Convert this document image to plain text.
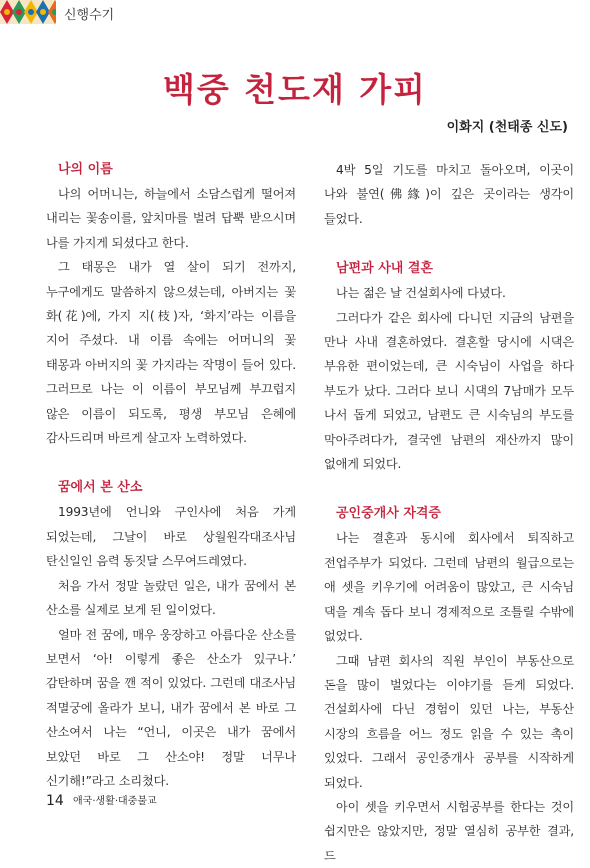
신행수기
백중 천도재 가피
이화지 (천태종 신도)

나의 이름

나의 어머니는, 하늘에서 소담스럽게 떨어져 내리는 꽃송이를, 앞치마를 벌려 답뿍 받으시며 나를 가지게 되셨다고 한다.

그 태몽은 내가 열 살이 되기 전까지, 누구에게도 말씀하지 않으셨는데, 아버지는 꽃 화(花)에, 가지 지(枝)자, ‘화지’라는 이름을 지어 주셨다. 내 이름 속에는 어머니의 꽃 태몽과 아버지의 꽃 가지라는 작명이 들어 있다. 그러므로 나는 이 이름이 부모님께 부끄럽지 않은 이름이 되도록, 평생 부모님 은혜에 감사드리며 바르게 살고자 노력하였다.

꿈에서 본 산소

1993년에 언니와 구인사에 처음 가게 되었는데, 그날이 바로 상월원각대조사님 탄신일인 음력 동짓달 스무여드레였다.

처음 가서 정말 놀랐던 일은, 내가 꿈에서 본 산소를 실제로 보게 된 일이었다.

얼마 전 꿈에, 매우 웅장하고 아름다운 산소를 보면서 ‘아! 이렇게 좋은 산소가 있구나.’ 감탄하며 꿈을 깬 적이 있었다. 그런데 대조사님 적멸궁에 올라가 보니, 내가 꿈에서 본 바로 그 산소여서 나는 “언니, 이곳은 내가 꿈에서 보았던 바로 그 산소야! 정말 너무나 신기해!”라고 소리쳤다.

4박 5일 기도를 마치고 돌아오며, 이곳이 나와 불연(佛緣)이 깊은 곳이라는 생각이 들었다.

남편과 사내 결혼

나는 젊은 날 건설회사에 다녔다.

그러다가 같은 회사에 다니던 지금의 남편을 만나 사내 결혼하였다. 결혼할 당시에 시댁은 부유한 편이었는데, 큰 시숙님이 사업을 하다 부도가 났다. 그러다 보니 시댁의 7남매가 모두 나서 돕게 되었고, 남편도 큰 시숙님의 부도를 막아주려다가, 결국엔 남편의 재산까지 많이 없애게 되었다.

공인중개사 자격증

나는 결혼과 동시에 회사에서 퇴직하고 전업주부가 되었다. 그런데 남편의 월급으로는 애 셋을 키우기에 어려움이 많았고, 큰 시숙님 댁을 계속 돕다 보니 경제적으로 조틀릴 수밖에 없었다.

그때 남편 회사의 직원 부인이 부동산으로 돈을 많이 벌었다는 이야기를 듣게 되었다. 건설회사에 다닌 경험이 있던 나는, 부동산 시장의 흐름을 어느 정도 읽을 수 있는 촉이 있었다. 그래서 공인중개사 공부를 시작하게 되었다.

아이 셋을 키우면서 시험공부를 한다는 것이 쉽지만은 않았지만, 정말 열심히 공부한 결과, 드

14 애국·생활·대중불교
